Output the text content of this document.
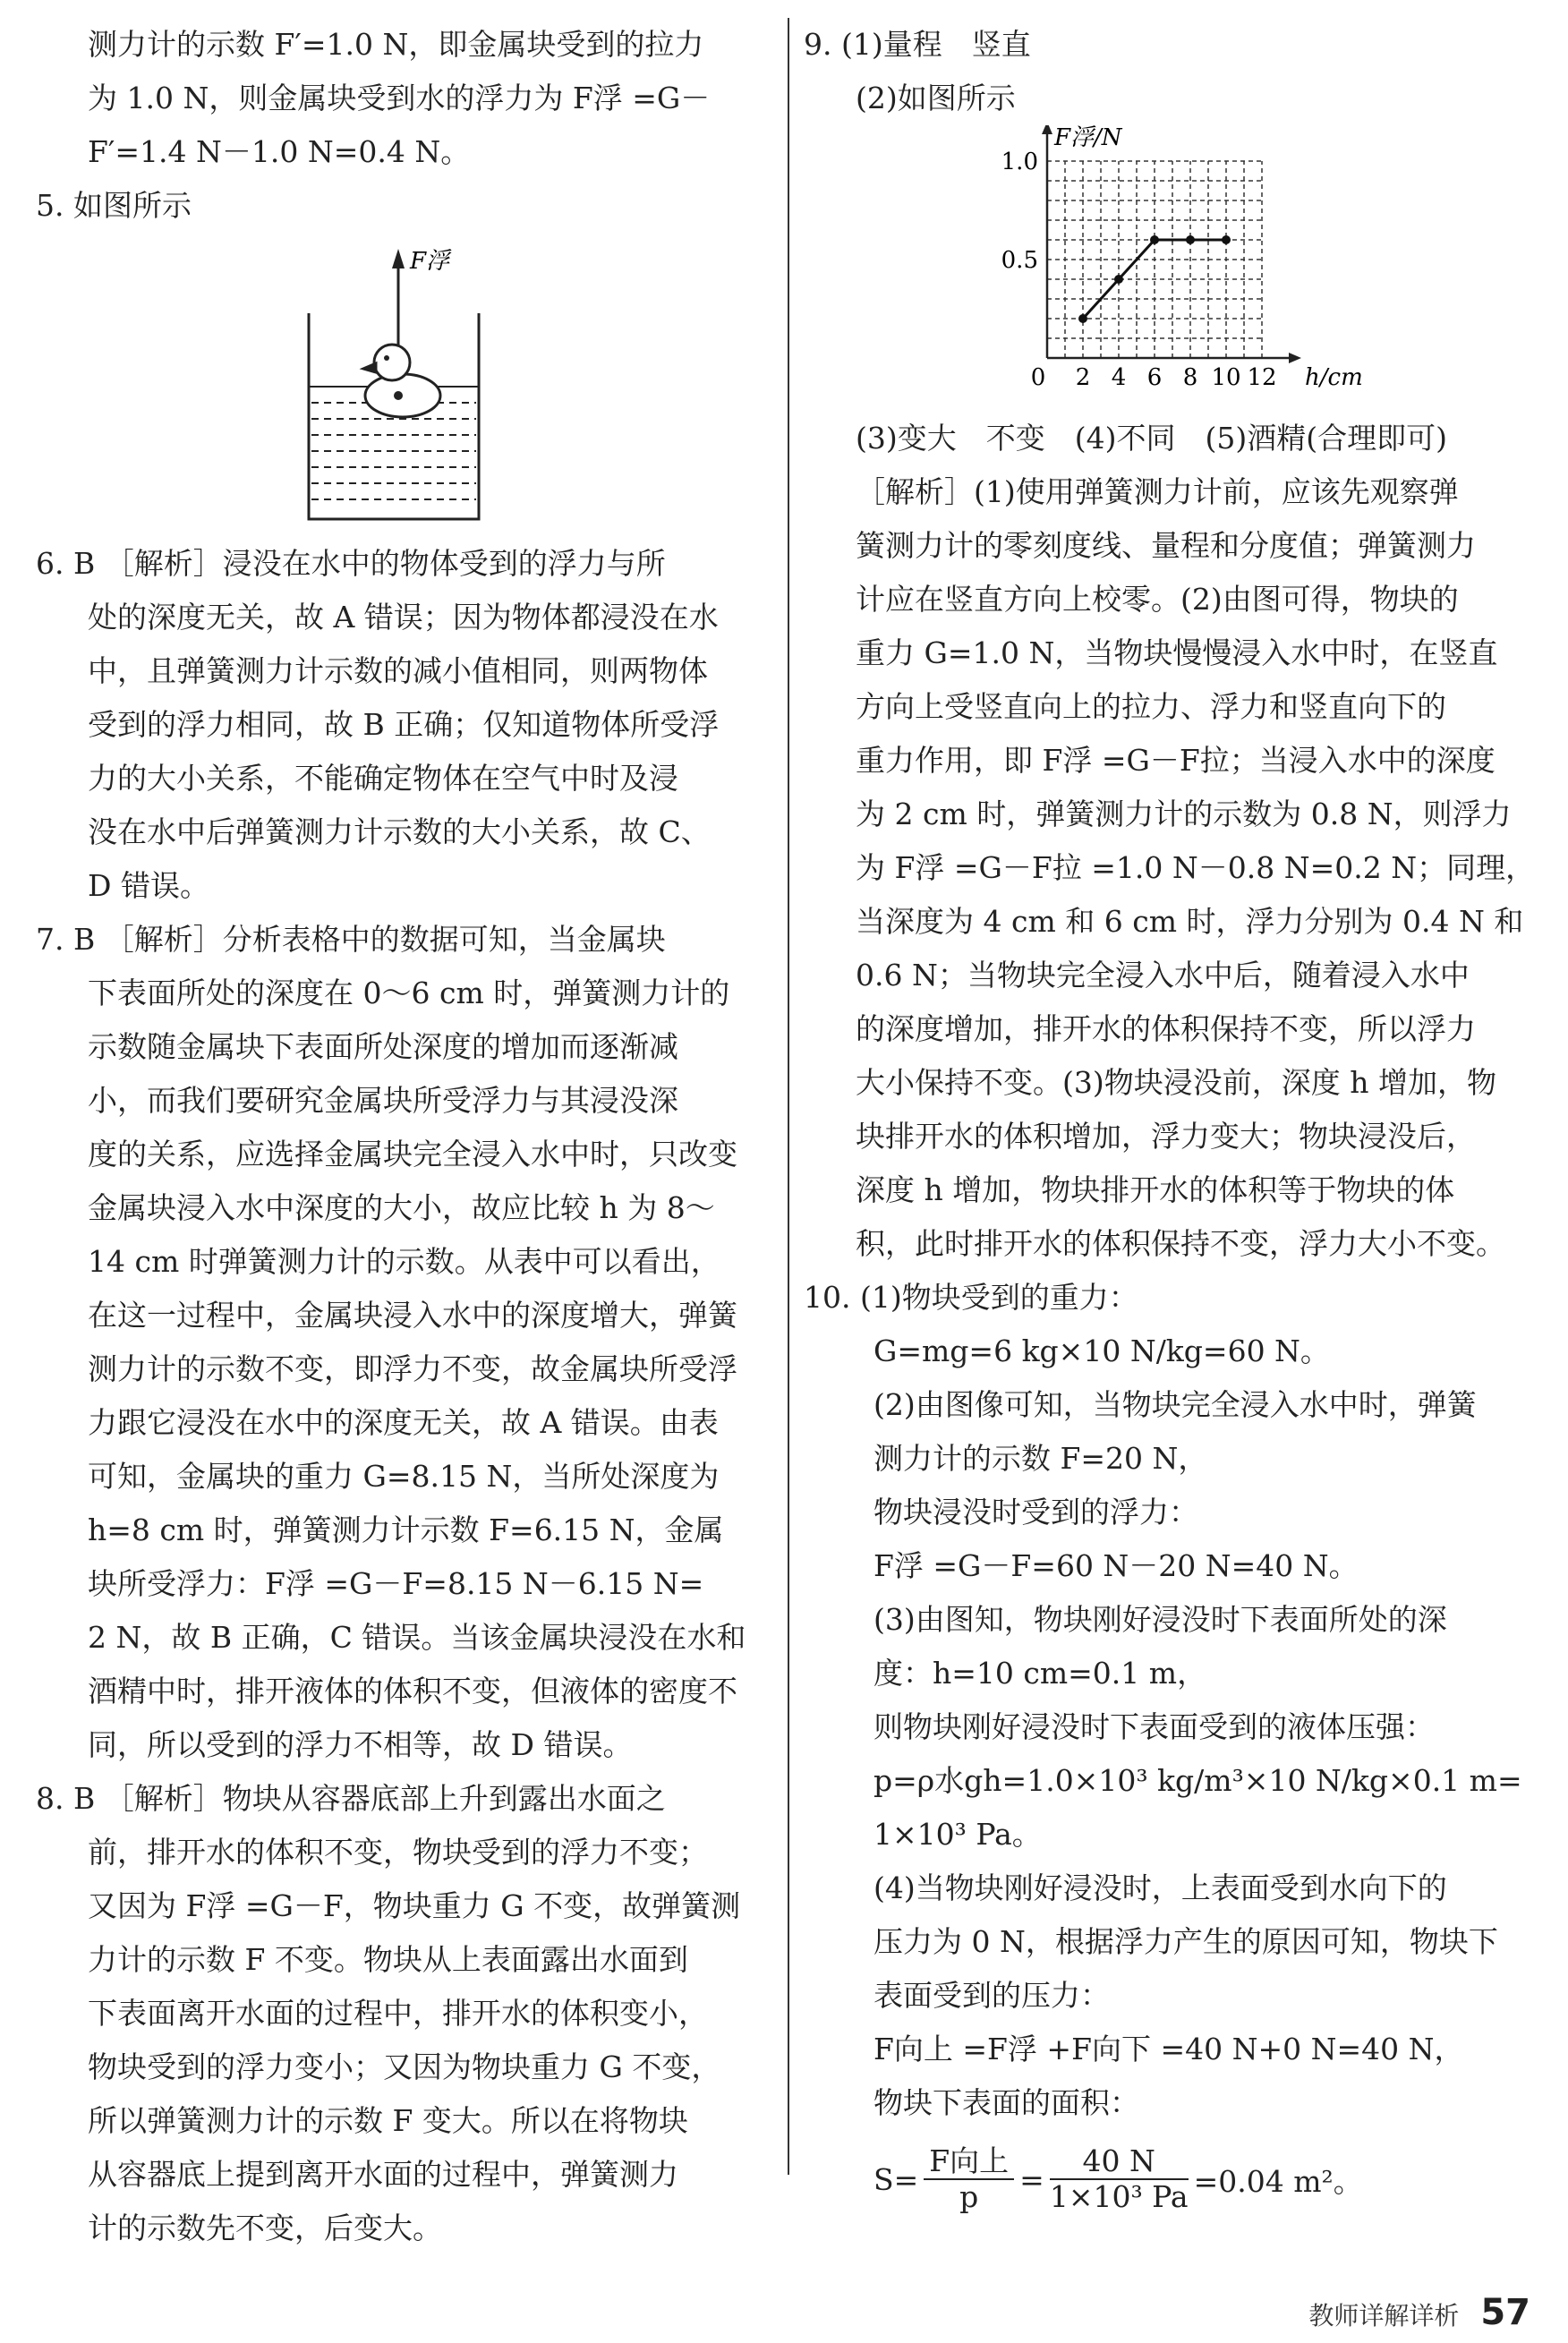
测力计的示数 F′=1.0 N，即金属块受到的拉力
为 1.0 N，则金属块受到水的浮力为 F浮 =G－
F′=1.4 N－1.0 N=0.4 N。
5. 如图所示
F浮
6. B ［解析］浸没在水中的物体受到的浮力与所
处的深度无关，故 A 错误；因为物体都浸没在水
中，且弹簧测力计示数的减小值相同，则两物体
受到的浮力相同，故 B 正确；仅知道物体所受浮
力的大小关系，不能确定物体在空气中时及浸
没在水中后弹簧测力计示数的大小关系，故 C、
D 错误。
7. B ［解析］分析表格中的数据可知，当金属块
下表面所处的深度在 0～6 cm 时，弹簧测力计的
示数随金属块下表面所处深度的增加而逐渐减
小，而我们要研究金属块所受浮力与其浸没深
度的关系，应选择金属块完全浸入水中时，只改变
金属块浸入水中深度的大小，故应比较 h 为 8～
14 cm 时弹簧测力计的示数。从表中可以看出，
在这一过程中，金属块浸入水中的深度增大，弹簧
测力计的示数不变，即浮力不变，故金属块所受浮
力跟它浸没在水中的深度无关，故 A 错误。由表
可知，金属块的重力 G=8.15 N，当所处深度为
h=8 cm 时，弹簧测力计示数 F=6.15 N，金属
块所受浮力：F浮 =G－F=8.15 N－6.15 N=
2 N，故 B 正确，C 错误。当该金属块浸没在水和
酒精中时，排开液体的体积不变，但液体的密度不
同，所以受到的浮力不相等，故 D 错误。
8. B ［解析］物块从容器底部上升到露出水面之
前，排开水的体积不变，物块受到的浮力不变；
又因为 F浮 =G－F，物块重力 G 不变，故弹簧测
力计的示数 F 不变。物块从上表面露出水面到
下表面离开水面的过程中，排开水的体积变小，
物块受到的浮力变小；又因为物块重力 G 不变，
所以弹簧测力计的示数 F 变大。所以在将物块
从容器底上提到离开水面的过程中，弹簧测力
计的示数先不变，后变大。
9. (1)量程　竖直
(2)如图所示
0 2 4 6 8 10 12
0.5
1.0
h/cm
F浮/N
(3)变大　不变　(4)不同　(5)酒精(合理即可)
［解析］(1)使用弹簧测力计前，应该先观察弹
簧测力计的零刻度线、量程和分度值；弹簧测力
计应在竖直方向上校零。(2)由图可得，物块的
重力 G=1.0 N，当物块慢慢浸入水中时，在竖直
方向上受竖直向上的拉力、浮力和竖直向下的
重力作用，即 F浮 =G－F拉；当浸入水中的深度
为 2 cm 时，弹簧测力计的示数为 0.8 N，则浮力
为 F浮 =G－F拉 =1.0 N－0.8 N=0.2 N；同理，
当深度为 4 cm 和 6 cm 时，浮力分别为 0.4 N 和
0.6 N；当物块完全浸入水中后，随着浸入水中
的深度增加，排开水的体积保持不变，所以浮力
大小保持不变。(3)物块浸没前，深度 h 增加，物
块排开水的体积增加，浮力变大；物块浸没后，
深度 h 增加，物块排开水的体积等于物块的体
积，此时排开水的体积保持不变，浮力大小不变。
10. (1)物块受到的重力：
G=mg=6 kg×10 N/kg=60 N。
(2)由图像可知，当物块完全浸入水中时，弹簧
测力计的示数 F=20 N，
物块浸没时受到的浮力：
F浮 =G－F=60 N－20 N=40 N。
(3)由图知，物块刚好浸没时下表面所处的深
度：h=10 cm=0.1 m，
则物块刚好浸没时下表面受到的液体压强：
p=ρ水gh=1.0×10³ kg/m³×10 N/kg×0.1 m=
1×10³ Pa。
(4)当物块刚好浸没时，上表面受到水向下的
压力为 0 N，根据浮力产生的原因可知，物块下
表面受到的压力：
F向上 =F浮 +F向下 =40 N+0 N=40 N，
物块下表面的面积：
$S= \frac{\text{F向上}}{p} = \frac{40 N}{\text{1×10³ Pa}} =0.04$ m²。
教师详解详析 57
